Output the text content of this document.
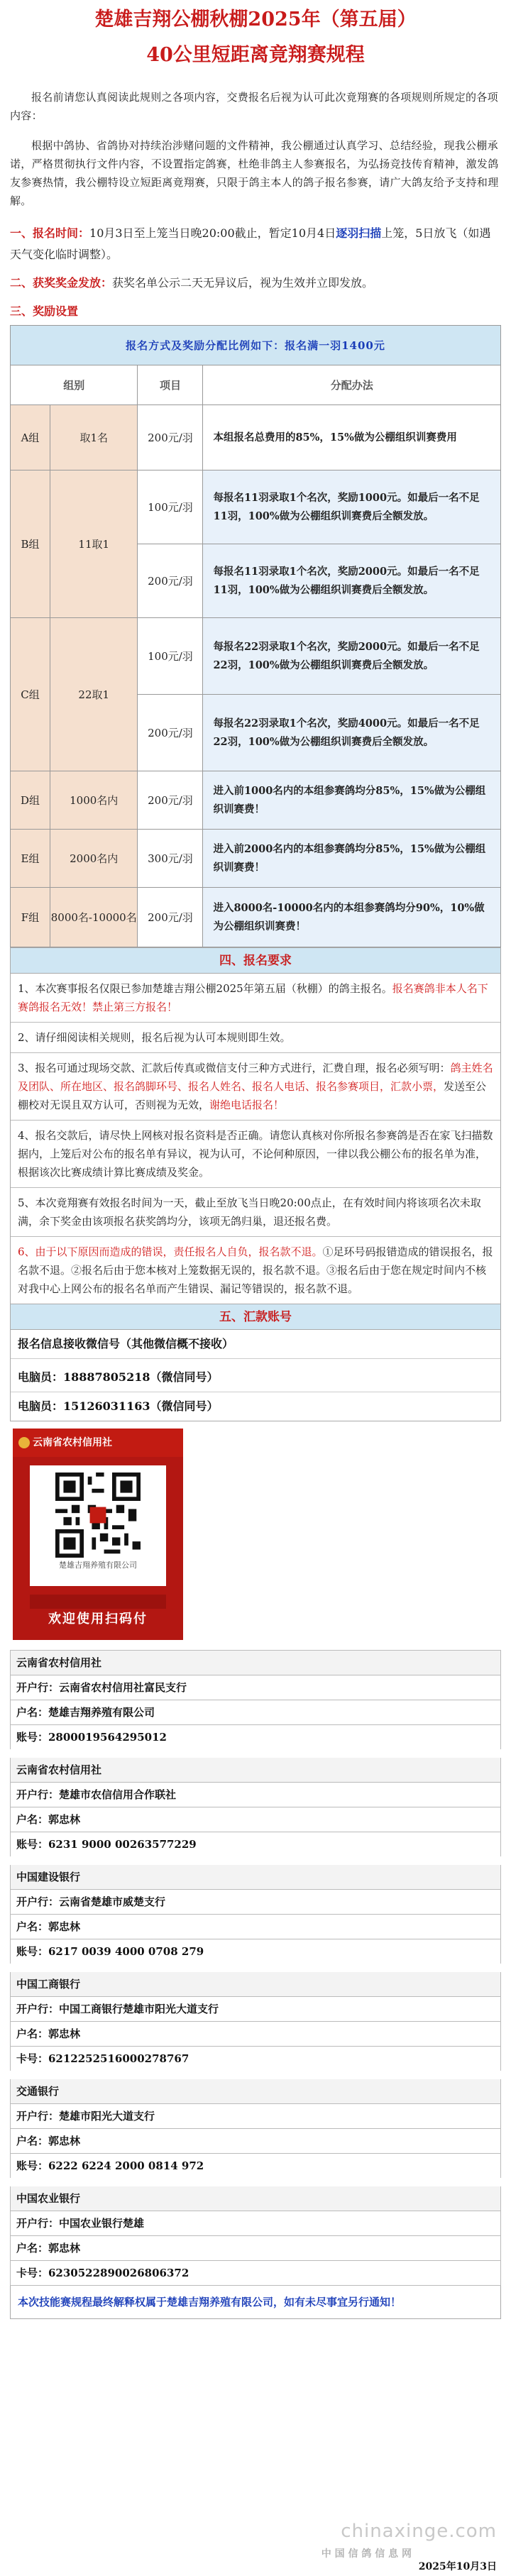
楚雄吉翔公棚秋棚2025年（第五届）
40公里短距离竟翔赛规程

报名前请您认真阅读此规则之各项内容，交费报名后视为认可此次竟翔赛的各项规则所规定的各项内容：

根据中鸽协、省鸽协对持续治涉赌问题的文件精神，我公棚通过认真学习、总结经验，现我公棚承诺，严格贯彻执行文件内容，不设置指定鸽赛，杜绝非鸽主人参赛报名，为弘扬竞技传育精神，激发鸽友参赛热情，我公棚特设立短距离竟翔赛，只限于鸽主本人的鸽子报名参赛，请广大鸽友给予支持和理解。

一、报名时间：10月3日至上笼当日晚20:00截止，暂定10月4日逐羽扫描上笼，5日放飞（如遇天气变化临时调整）。
二、获奖奖金发放：获奖名单公示二天无异议后，视为生效并立即发放。
三、奖励设置
报名方式及奖励分配比例如下：报名满一羽1400元			
组别		项目	分配办法
A组	取1名	200元/羽	本组报名总费用的85%，15%做为公棚组织训赛费用
B组	11取1	100元/羽	每报名11羽录取1个名次，奖励1000元。如最后一名不足11羽，100%做为公棚组织训赛费后全额发放。
		200元/羽	每报名11羽录取1个名次，奖励2000元。如最后一名不足11羽，100%做为公棚组织训赛费后全额发放。
C组	22取1	100元/羽	每报名22羽录取1个名次，奖励2000元。如最后一名不足22羽，100%做为公棚组织训赛费后全额发放。
		200元/羽	每报名22羽录取1个名次，奖励4000元。如最后一名不足22羽，100%做为公棚组织训赛费后全额发放。
D组	1000名内	200元/羽	进入前1000名内的本组参赛鸽均分85%，15%做为公棚组织训赛费！
E组	2000名内	300元/羽	进入前2000名内的本组参赛鸽均分85%，15%做为公棚组织训赛费！
F组	8000名-10000名	200元/羽	进入8000名-10000名内的本组参赛鸽均分90%，10%做为公棚组织训赛费！
四、报名要求
1、本次赛事报名仅限已参加楚雄吉翔公棚2025年第五届（秋棚）的鸽主报名。报名赛鸽非本人名下赛鸽报名无效！禁止第三方报名！
2、请仔细阅读相关规则，报名后视为认可本规则即生效。
3、报名可通过现场交款、汇款后传真或微信支付三种方式进行，汇费自理，报名必须写明：鸽主姓名及团队、所在地区、报名鸽脚环号、报名人姓名、报名人电话、报名参赛项目，汇款小票，发送至公棚校对无误且双方认可，否则视为无效，谢绝电话报名！
4、报名交款后，请尽快上网核对报名资料是否正确。请您认真核对你所报名参赛鸽是否在家飞扫描数据内，上笼后对公布的报名单有异议，视为认可，不论何种原因，一律以我公棚公布的报名单为准，根据该次比赛成绩计算比赛成绩及奖金。
5、本次竟翔赛有效报名时间为一天，截止至放飞当日晚20:00点止，在有效时间内将该项名次未取满，余下奖金由该项报名获奖鸽均分，该项无鸽归巢，退还报名费。
6、由于以下原因而造成的错误，责任报名人自负，报名款不退。①足环号码报错造成的错误报名，报名款不退。②报名后由于您本核对上笼数据无误的，报名款不退。③报名后由于您在规定时间内不核对我中心上网公布的报名名单而产生错误、漏记等错误的，报名款不退。
五、汇款账号
报名信息接收微信号（其他微信概不接收）
电脑员：18887805218（微信同号）
电脑员：15126031163（微信同号）
云南省农村信用社
楚雄吉翔养殖有限公司
欢迎使用扫码付
云南省农村信用社
开户行：云南省农村信用社富民支行
户名：楚雄吉翔养殖有限公司
账号：2800019564295012
云南省农村信用社
开户行：楚雄市农信信用合作联社
户名：郭忠林
账号：6231 9000 00263577229
中国建设银行
开户行：云南省楚雄市威楚支行
户名：郭忠林
账号：6217 0039 4000 0708 279
中国工商银行
开户行：中国工商银行楚雄市阳光大道支行
户名：郭忠林
卡号：6212252516000278767
交通银行
开户行：楚雄市阳光大道支行
户名：郭忠林
账号：6222 6224 2000 0814 972
中国农业银行
开户行：中国农业银行楚雄
户名：郭忠林
卡号：6230522890026806372
本次技能赛规程最终解释权属于楚雄吉翔养殖有限公司，如有未尽事宜另行通知！
chinaxinge.com
中 国 信 鸽 信 息 网
2025年10月3日
